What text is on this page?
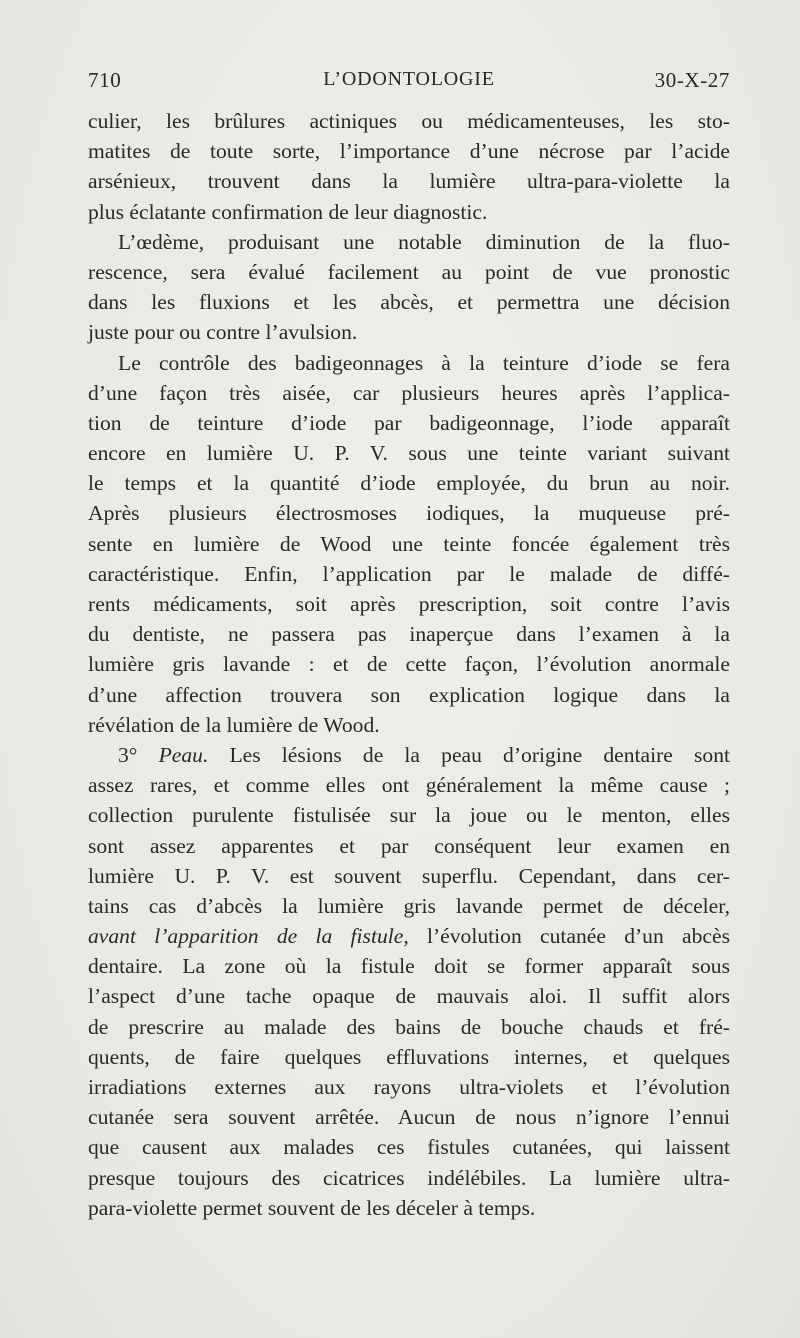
710	L’ODONTOLOGIE	30-X-27
culier, les brûlures actiniques ou médicamenteuses, les sto-
matites de toute sorte, l’importance d’une nécrose par l’acide
arsénieux, trouvent dans la lumière ultra-para-violette la
plus éclatante confirmation de leur diagnostic.
L’œdème, produisant une notable diminution de la fluo-
rescence, sera évalué facilement au point de vue pronostic
dans les fluxions et les abcès, et permettra une décision
juste pour ou contre l’avulsion.
Le contrôle des badigeonnages à la teinture d’iode se fera
d’une façon très aisée, car plusieurs heures après l’applica-
tion de teinture d’iode par badigeonnage, l’iode apparaît
encore en lumière U. P. V. sous une teinte variant suivant
le temps et la quantité d’iode employée, du brun au noir.
Après plusieurs électrosmoses iodiques, la muqueuse pré-
sente en lumière de Wood une teinte foncée également très
caractéristique. Enfin, l’application par le malade de diffé-
rents médicaments, soit après prescription, soit contre l’avis
du dentiste, ne passera pas inaperçue dans l’examen à la
lumière gris lavande : et de cette façon, l’évolution anormale
d’une affection trouvera son explication logique dans la
révélation de la lumière de Wood.
3° Peau. Les lésions de la peau d’origine dentaire sont
assez rares, et comme elles ont généralement la même cause ;
collection purulente fistulisée sur la joue ou le menton, elles
sont assez apparentes et par conséquent leur examen en
lumière U. P. V. est souvent superflu. Cependant, dans cer-
tains cas d’abcès la lumière gris lavande permet de déceler,
avant l’apparition de la fistule, l’évolution cutanée d’un abcès
dentaire. La zone où la fistule doit se former apparaît sous
l’aspect d’une tache opaque de mauvais aloi. Il suffit alors
de prescrire au malade des bains de bouche chauds et fré-
quents, de faire quelques effluvations internes, et quelques
irradiations externes aux rayons ultra-violets et l’évolution
cutanée sera souvent arrêtée. Aucun de nous n’ignore l’ennui
que causent aux malades ces fistules cutanées, qui laissent
presque toujours des cicatrices indélébiles. La lumière ultra-
para-violette permet souvent de les déceler à temps.
